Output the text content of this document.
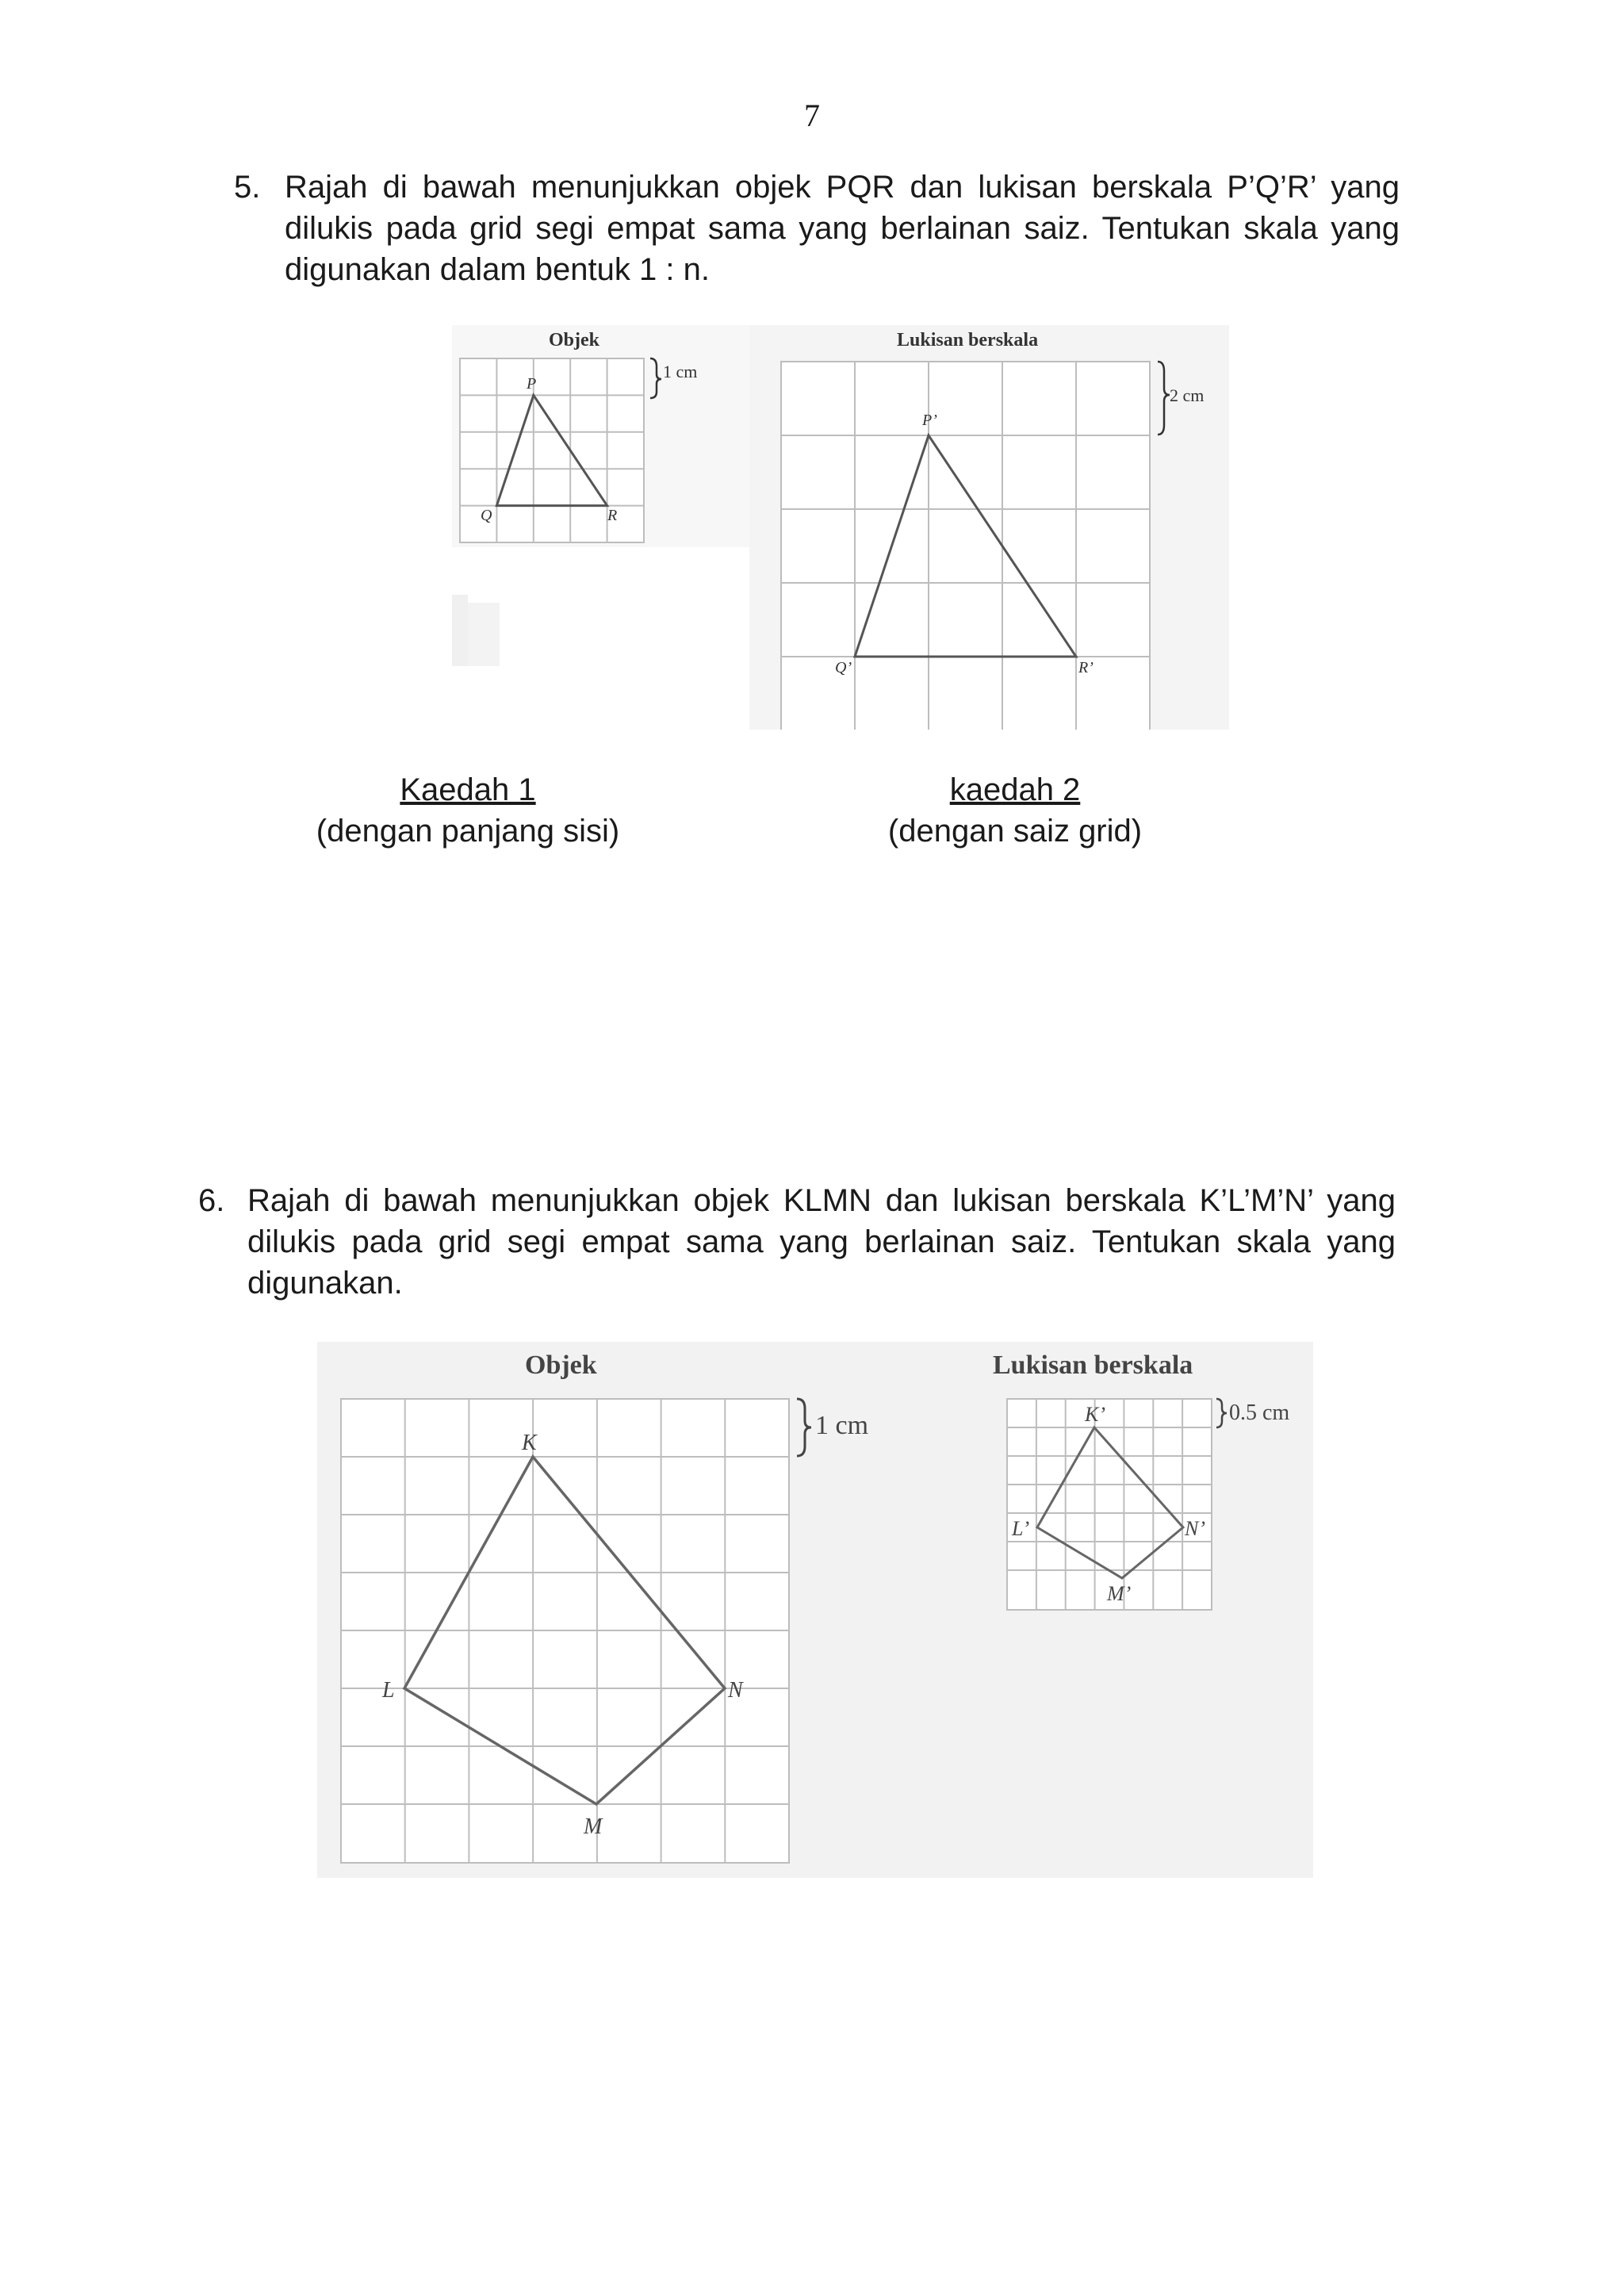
7
5. Rajah di bawah menunjukkan objek PQR dan lukisan berskala P’Q’R’ yang dilukis pada grid segi empat sama yang berlainan saiz. Tentukan skala yang digunakan dalam bentuk 1 : n.
Objek
P
Q	R
1 cm
Lukisan berskala
P’
Q’	R’
2 cm
Kaedah 1
(dengan panjang sisi)
kaedah 2
(dengan saiz grid)
6. Rajah di bawah menunjukkan objek KLMN dan lukisan berskala K’L’M’N’ yang dilukis pada grid segi empat sama yang berlainan saiz. Tentukan skala yang digunakan.
Objek
K
L
M
N
1 cm
Lukisan berskala
K’
L’
M’
N’
0.5 cm
